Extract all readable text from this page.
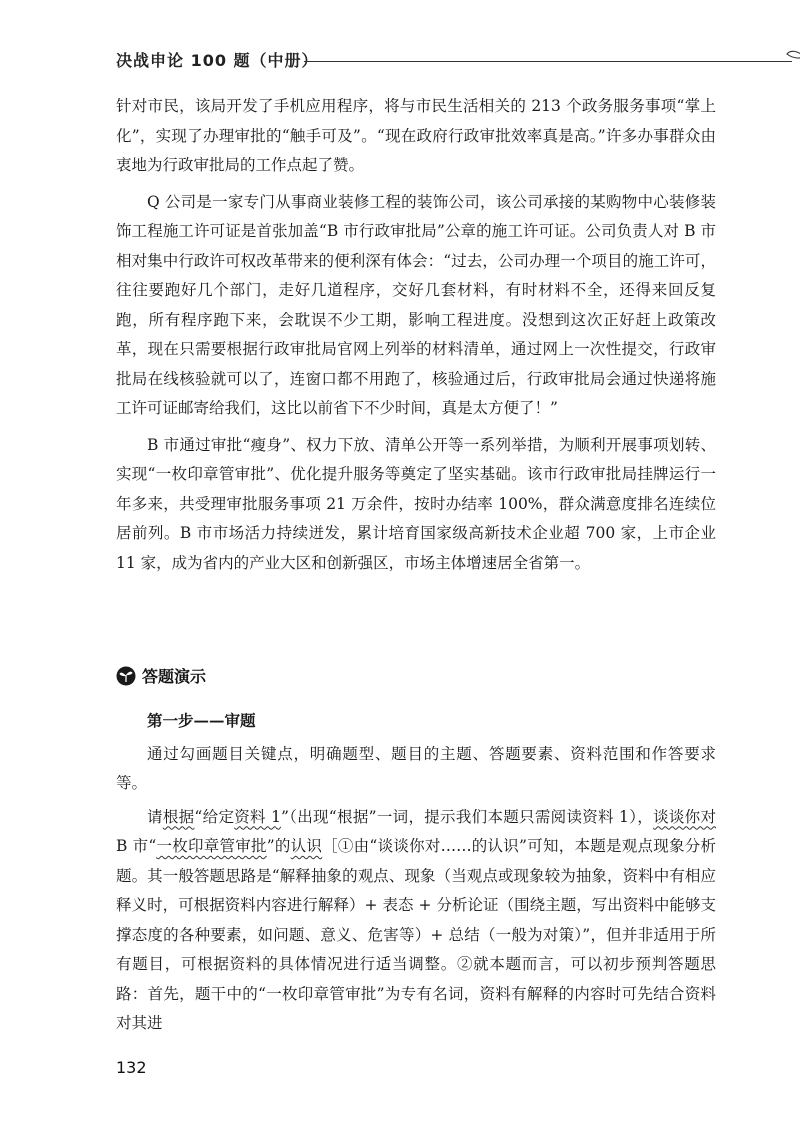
决战申论 100 题（中册）

针对市民，该局开发了手机应用程序，将与市民生活相关的 213 个政务服务事项“掌上化”，实现了办理审批的“触手可及”。“现在政府行政审批效率真是高。”许多办事群众由衷地为行政审批局的工作点起了赞。

Q 公司是一家专门从事商业装修工程的装饰公司，该公司承接的某购物中心装修装饰工程施工许可证是首张加盖“B 市行政审批局”公章的施工许可证。公司负责人对 B 市相对集中行政许可权改革带来的便利深有体会：“过去，公司办理一个项目的施工许可，往往要跑好几个部门，走好几道程序，交好几套材料，有时材料不全，还得来回反复跑，所有程序跑下来，会耽误不少工期，影响工程进度。没想到这次正好赶上政策改革，现在只需要根据行政审批局官网上列举的材料清单，通过网上一次性提交，行政审批局在线核验就可以了，连窗口都不用跑了，核验通过后，行政审批局会通过快递将施工许可证邮寄给我们，这比以前省下不少时间，真是太方便了！”

B 市通过审批“瘦身”、权力下放、清单公开等一系列举措，为顺利开展事项划转、实现“一枚印章管审批”、优化提升服务等奠定了坚实基础。该市行政审批局挂牌运行一年多来，共受理审批服务事项 21 万余件，按时办结率 100%，群众满意度排名连续位居前列。B 市市场活力持续迸发，累计培育国家级高新技术企业超 700 家，上市企业 11 家，成为省内的产业大区和创新强区，市场主体增速居全省第一。

答题演示

第一步——审题

通过勾画题目关键点，明确题型、题目的主题、答题要素、资料范围和作答要求等。

请根据“给定资料 1”（出现“根据”一词，提示我们本题只需阅读资料 1），谈谈你对 B 市“一枚印章管审批”的认识［①由“谈谈你对……的认识”可知，本题是观点现象分析题。其一般答题思路是“解释抽象的观点、现象（当观点或现象较为抽象，资料中有相应释义时，可根据资料内容进行解释）+ 表态 + 分析论证（围绕主题，写出资料中能够支撑态度的各种要素，如问题、意义、危害等）+ 总结（一般为对策）”，但并非适用于所有题目，可根据资料的具体情况进行适当调整。②就本题而言，可以初步预判答题思路：首先，题干中的“一枚印章管审批”为专有名词，资料有解释的内容时可先结合资料对其进

132
